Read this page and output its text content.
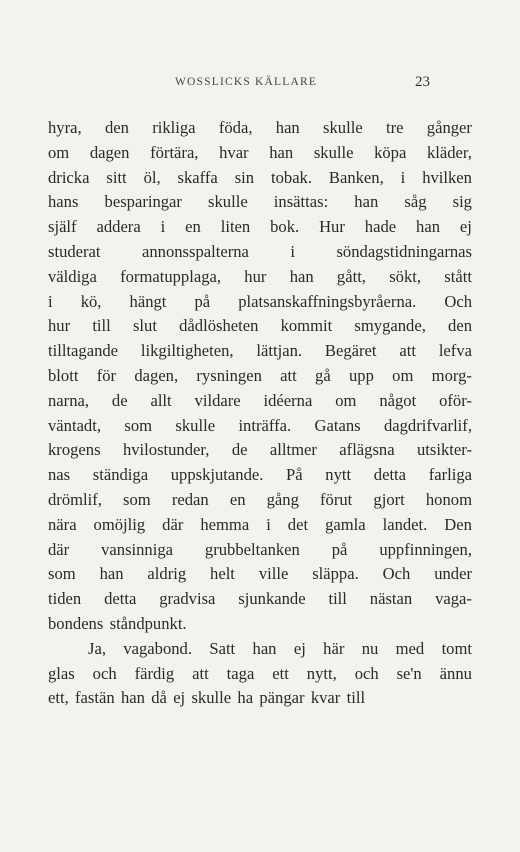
WOSSLICKS KÄLLARE	23
hyra, den rikliga föda, han skulle tre gånger
om dagen förtära, hvar han skulle köpa kläder,
dricka sitt öl, skaffa sin tobak. Banken, i hvilken
hans besparingar skulle insättas: han såg sig
själf addera i en liten bok. Hur hade han ej
studerat annonsspalterna i söndagstidningarnas
väldiga formatupplaga, hur han gått, sökt, stått
i kö, hängt på platsanskaffningsbyråerna. Och
hur till slut dådlösheten kommit smygande, den
tilltagande likgiltigheten, lättjan. Begäret att lefva
blott för dagen, rysningen att gå upp om morg-
narna, de allt vildare idéerna om något oför-
väntadt, som skulle inträffa. Gatans dagdrifvarlif,
krogens hvilostunder, de alltmer aflägsna utsikter-
nas ständiga uppskjutande. På nytt detta farliga
drömlif, som redan en gång förut gjort honom
nära omöjlig där hemma i det gamla landet. Den
där vansinniga grubbeltanken på uppfinningen,
som han aldrig helt ville släppa. Och under
tiden detta gradvisa sjunkande till nästan vaga-
bondens ståndpunkt.
Ja, vagabond. Satt han ej här nu med tomt
glas och färdig att taga ett nytt, och se'n ännu
ett, fastän han då ej skulle ha pängar kvar till
